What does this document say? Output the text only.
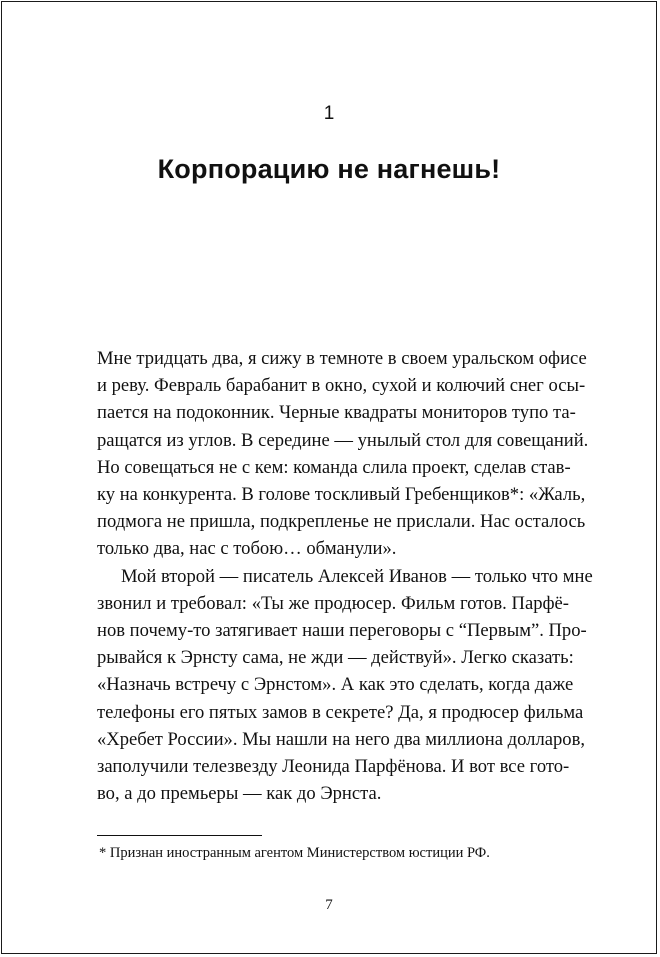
1
Корпорацию не нагнешь!
Мне тридцать два, я сижу в темноте в своем уральском офисе
и реву. Февраль барабанит в окно, сухой и колючий снег осы-
пается на подоконник. Черные квадраты мониторов тупо та-
ращатся из углов. В середине — унылый стол для совещаний.
Но совещаться не с кем: команда слила проект, сделав став-
ку на конкурента. В голове тоскливый Гребенщиков*: «Жаль,
подмога не пришла, подкрепленье не прислали. Нас осталось
только два, нас с тобою… обманули».
Мой второй — писатель Алексей Иванов — только что мне
звонил и требовал: «Ты же продюсер. Фильм готов. Парфё-
нов почему-то затягивает наши переговоры с “Первым”. Про-
рывайся к Эрнсту сама, не жди — действуй». Легко сказать:
«Назначь встречу с Эрнстом». А как это сделать, когда даже
телефоны его пятых замов в секрете? Да, я продюсер фильма
«Хребет России». Мы нашли на него два миллиона долларов,
заполучили телезвезду Леонида Парфёнова. И вот все гото-
во, а до премьеры — как до Эрнста.
* Признан иностранным агентом Министерством юстиции РФ.
7
